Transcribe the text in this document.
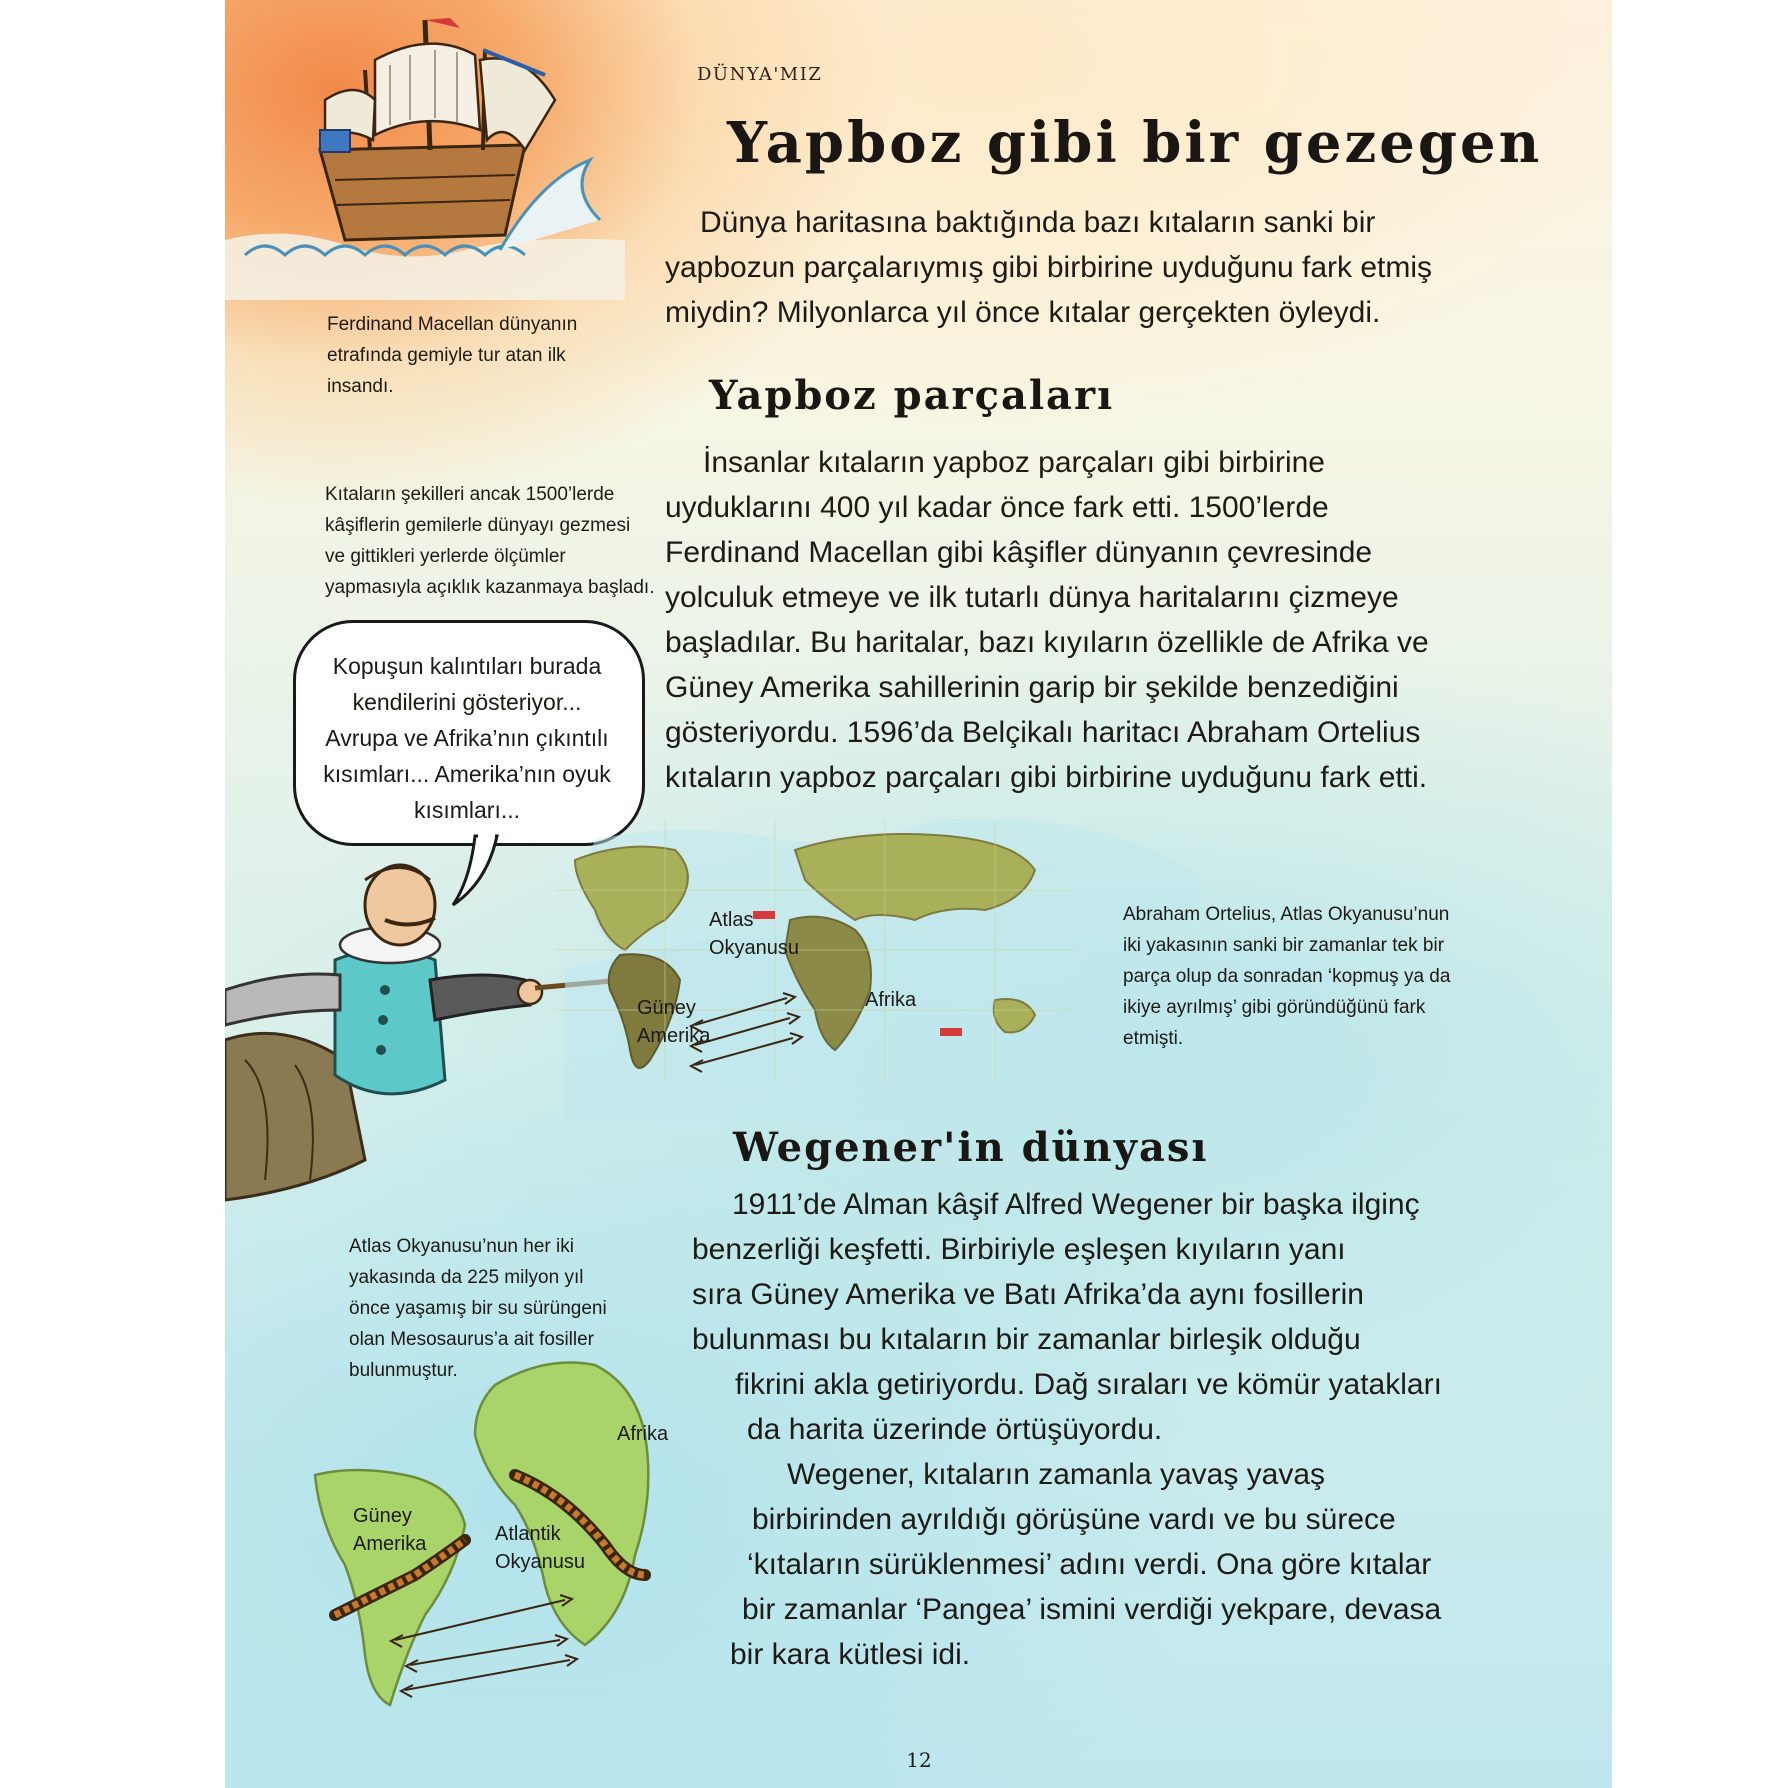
DÜNYA'MIZ

Yapboz gibi bir gezegen

Dünya haritasına baktığında bazı kıtaların sanki bir

yapbozun parçalarıymış gibi birbirine uyduğunu fark etmiş

miydin? Milyonlarca yıl önce kıtalar gerçekten öyleydi.

Ferdinand Macellan dünyanın

etrafında gemiyle tur atan ilk

insandı.	Yapboz parçaları

İnsanlar kıtaların yapboz parçaları gibi birbirine

uyduklarını 400 yıl kadar önce fark etti. 1500’lerde

Ferdinand Macellan gibi kâşifler dünyanın çevresinde

yolculuk etmeye ve ilk tutarlı dünya haritalarını çizmeye

başladılar. Bu haritalar, bazı kıyıların özellikle de Afrika ve

Güney Amerika sahillerinin garip bir şekilde benzediğini

gösteriyordu. 1596’da Belçikalı haritacı Abraham Ortelius

kıtaların yapboz parçaları gibi birbirine uyduğunu fark etti.

Kıtaların şekilleri ancak 1500’lerde

kâşiflerin gemilerle dünyayı gezmesi

ve gittikleri yerlerde ölçümler

yapmasıyla açıklık kazanmaya başladı.

Kopuşun kalıntıları burada

kendilerini gösteriyor...

Avrupa ve Afrika’nın çıkıntılı

kısımları... Amerika’nın oyuk

kısımları...

Atlas
Okyanusu
Güney
Amerika
Afrika

Abraham Ortelius, Atlas Okyanusu’nun

iki yakasının sanki bir zamanlar tek bir

parça olup da sonradan ‘kopmuş ya da

ikiye ayrılmış’ gibi göründüğünü fark

etmişti.

Wegener'in dünyası

1911’de Alman kâşif Alfred Wegener bir başka ilginç

benzerliği keşfetti. Birbiriyle eşleşen kıyıların yanı

sıra Güney Amerika ve Batı Afrika’da aynı fosillerin

bulunması bu kıtaların bir zamanlar birleşik olduğu

fikrini akla getiriyordu. Dağ sıraları ve kömür yatakları

da harita üzerinde örtüşüyordu.

Wegener, kıtaların zamanla yavaş yavaş

birbirinden ayrıldığı görüşüne vardı ve bu sürece

‘kıtaların sürüklenmesi’ adını verdi. Ona göre kıtalar

bir zamanlar ‘Pangea’ ismini verdiği yekpare, devasa

bir kara kütlesi idi.

Atlas Okyanusu’nun her iki

yakasında da 225 milyon yıl

önce yaşamış bir su sürüngeni

olan Mesosaurus’a ait fosiller

bulunmuştur.

Güney
Amerika	Atlantik
Okyanusu
Afrika
12
